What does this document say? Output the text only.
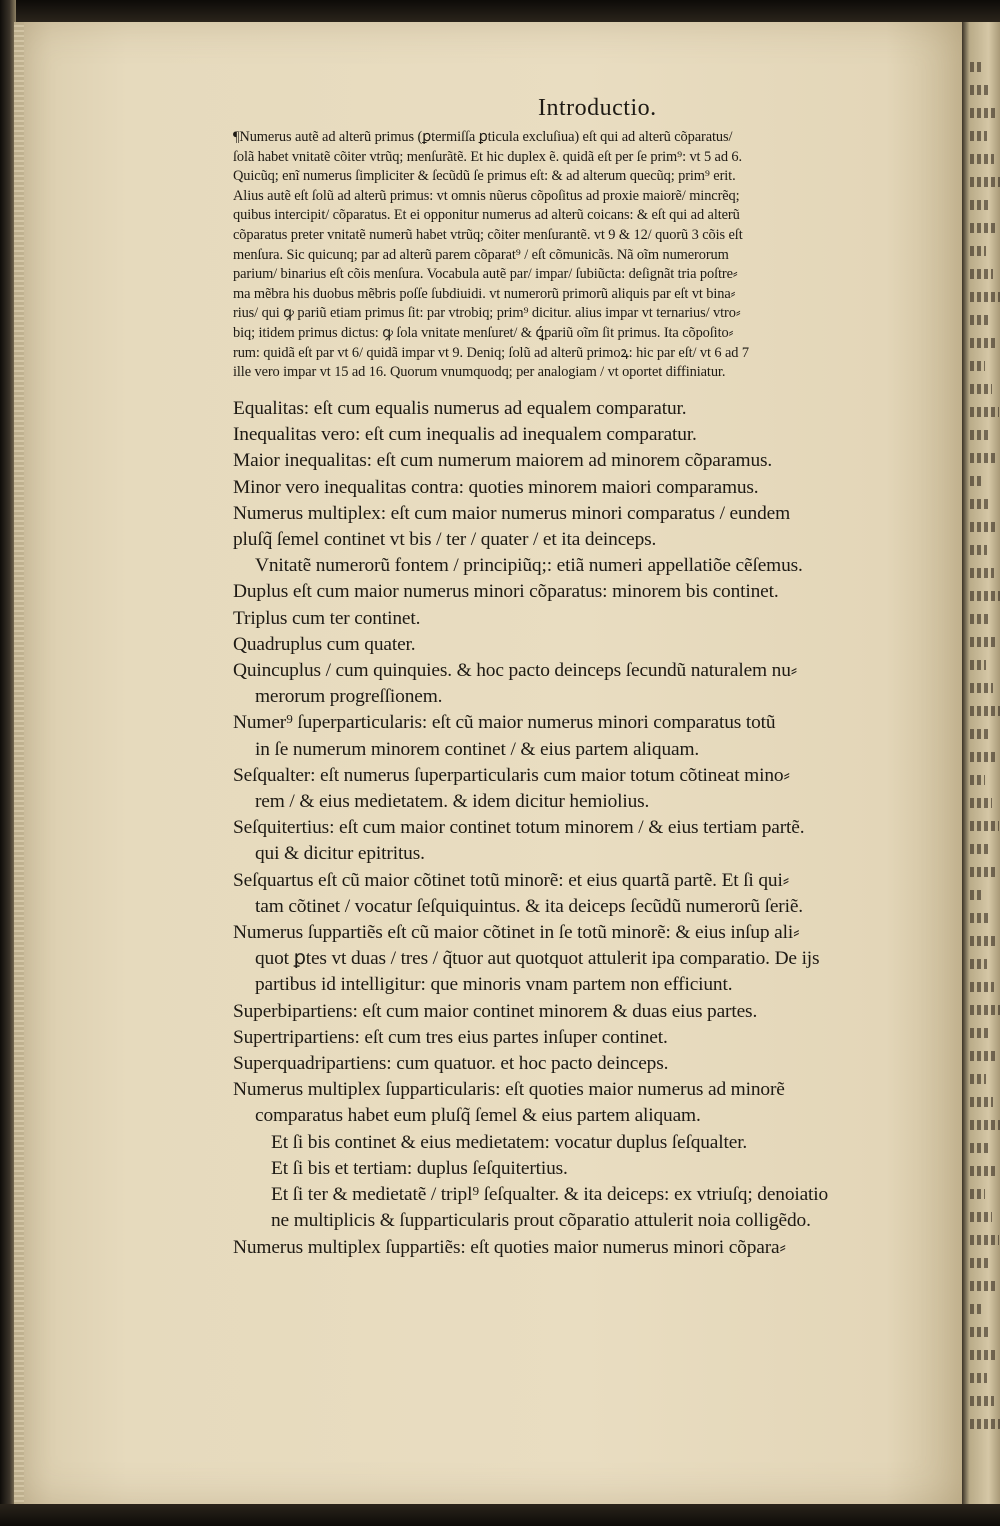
Introductio.
¶Numerus autẽ ad alterũ primus (ꝑtermiſſa ꝑticula excluſiua) eſt qui ad alterũ cõparatus/
ſolã habet vnitatẽ cõiter vtrũq; menſurãtẽ. Et hic duplex ẽ. quidã eſt per ſe prim⁹: vt 5 ad 6.
Quicũq; enĩ numerus ſimpliciter & ſecũdũ ſe primus eſt: & ad alterum quecũq; prim⁹ erit.
Alius autẽ eſt ſolũ ad alterũ primus: vt omnis nũerus cõpoſitus ad proxie maiorẽ/ mincrẽq;
quibus intercipit/ cõparatus. Et ei opponitur numerus ad alterũ coicans: & eſt qui ad alterũ
cõparatus preter vnitatẽ numerũ habet vtrũq; cõiter menſurantẽ. vt 9 & 12/ quorũ 3 cõis eſt
menſura. Sic quicunq; par ad alterũ parem cõparat⁹ / eſt cõmunicãs. Nã oĩm numerorum
parium/ binarius eſt cõis menſura. Vocabula autẽ par/ impar/ ſubiũcta: deſignãt tria poſtre⸗
ma mẽbra his duobus mẽbris poſſe ſubdiuidi. vt numerorũ primorũ aliquis par eſt vt bina⸗
rius/ qui ꝙ pariũ etiam primus ſit: par vtrobiq; prim⁹ dicitur. alius impar vt ternarius/ vtro⸗
biq; itidem primus dictus: ꝙ ſola vnitate menſuret/ & ꝗ́pariũ oĩm ſit primus. Ita cõpoſito⸗
rum: quidã eſt par vt 6/ quidã impar vt 9. Deniq; ſolũ ad alterũ primoꝝ: hic par eſt/ vt 6 ad 7
ille vero impar vt 15 ad 16. Quorum vnumquodq; per analogiam / vt oportet diffiniatur.
Equalitas: eſt cum equalis numerus ad equalem comparatur.
Inequalitas vero: eſt cum inequalis ad inequalem comparatur.
Maior inequalitas: eſt cum numerum maiorem ad minorem cõparamus.
Minor vero inequalitas contra: quoties minorem maiori comparamus.
Numerus multiplex: eſt cum maior numerus minori comparatus / eundem
pluſq̃ ſemel continet vt bis / ter / quater / et ita deinceps.
Vnitatẽ numerorũ fontem / principiũq;: etiã numeri appellatiõe cẽſemus.
Duplus eſt cum maior numerus minori cõparatus: minorem bis continet.
Triplus cum ter continet.
Quadruplus cum quater.
Quincuplus / cum quinquies. & hoc pacto deinceps ſecundũ naturalem nu⸗
merorum progreſſionem.
Numer⁹ ſuperparticularis: eſt cũ maior numerus minori comparatus totũ
in ſe numerum minorem continet / & eius partem aliquam.
Seſqualter: eſt numerus ſuperparticularis cum maior totum cõtineat mino⸗
rem / & eius medietatem. & idem dicitur hemiolius.
Seſquitertius: eſt cum maior continet totum minorem / & eius tertiam partẽ.
qui & dicitur epitritus.
Seſquartus eſt cũ maior cõtinet totũ minorẽ: et eius quartã partẽ. Et ſi qui⸗
tam cõtinet / vocatur ſeſquiquintus. & ita deiceps ſecũdũ numerorũ ſeriẽ.
Numerus ſuppartiẽs eſt cũ maior cõtinet in ſe totũ minorẽ: & eius inſup ali⸗
quot ꝑtes vt duas / tres / q̃tuor aut quotquot attulerit ipa comparatio. De ijs
partibus id intelligitur: que minoris vnam partem non efficiunt.
Superbipartiens: eſt cum maior continet minorem & duas eius partes.
Supertripartiens: eſt cum tres eius partes inſuper continet.
Superquadripartiens: cum quatuor. et hoc pacto deinceps.
Numerus multiplex ſupparticularis: eſt quoties maior numerus ad minorẽ
comparatus habet eum pluſq̃ ſemel & eius partem aliquam.
Et ſi bis continet & eius medietatem: vocatur duplus ſeſqualter.
Et ſi bis et tertiam: duplus ſeſquitertius.
Et ſi ter & medietatẽ / tripl⁹ ſeſqualter. & ita deiceps: ex vtriuſq; denoiatio
ne multiplicis & ſupparticularis prout cõparatio attulerit noia colligẽdo.
Numerus multiplex ſuppartiẽs: eſt quoties maior numerus minori cõpara⸗
